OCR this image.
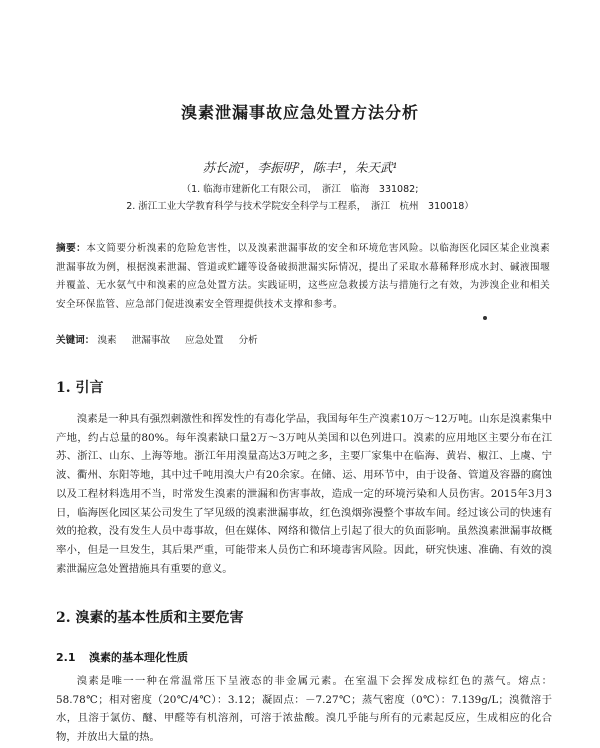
溴素泄漏事故应急处置方法分析
苏长流¹，李振明²，陈丰¹，朱天武¹
（1. 临海市建新化工有限公司，　浙江　临海　331082;
2. 浙江工业大学教育科学与技术学院安全科学与工程系，　浙江　杭州　310018）
摘要：本文简要分析溴素的危险危害性，以及溴素泄漏事故的安全和环境危害风险。以临海医化园区某企业溴素泄漏事故为例，根据溴素泄漏、管道或贮罐等设备破损泄漏实际情况，提出了采取水幕稀释形成水封、碱液围堰并覆盖、无水氨气中和溴素的应急处置方法。实践证明，这些应急救援方法与措施行之有效，为涉溴企业和相关安全环保监管、应急部门促进溴素安全管理提供技术支撑和参考。
关键词： 溴素 泄漏事故 应急处置 分析
1. 引言
溴素是一种具有强烈刺激性和挥发性的有毒化学品，我国每年生产溴素10万～12万吨。山东是溴素集中产地，约占总量的80%。每年溴素缺口量2万～3万吨从美国和以色列进口。溴素的应用地区主要分布在江苏、浙江、山东、上海等地。浙江年用溴量高达3万吨之多，主要厂家集中在临海、黄岩、椒江、上虞、宁波、衢州、东阳等地，其中过千吨用溴大户有20余家。在储、运、用环节中，由于设备、管道及容器的腐蚀以及工程材料选用不当，时常发生溴素的泄漏和伤害事故，造成一定的环境污染和人员伤害。2015年3月3日，临海医化园区某公司发生了罕见级的溴素泄漏事故，红色溴烟弥漫整个事故车间。经过该公司的快速有效的抢救，没有发生人员中毒事故，但在媒体、网络和微信上引起了很大的负面影响。虽然溴素泄漏事故概率小，但是一旦发生，其后果严重，可能带来人员伤亡和环境毒害风险。因此，研究快速、准确、有效的溴素泄漏应急处置措施具有重要的意义。
2. 溴素的基本性质和主要危害
2.1 溴素的基本理化性质
溴素是唯一一种在常温常压下呈液态的非金属元素。在室温下会挥发成棕红色的蒸气。熔点：58.78℃；相对密度（20℃/4℃）：3.12；凝固点：－7.27℃；蒸气密度（0℃）：7.139g/L；溴微溶于水，且溶于氯仿、醚、甲醛等有机溶剂，可溶于浓盐酸。溴几乎能与所有的元素起反应，生成相应的化合物，并放出大量的热。
